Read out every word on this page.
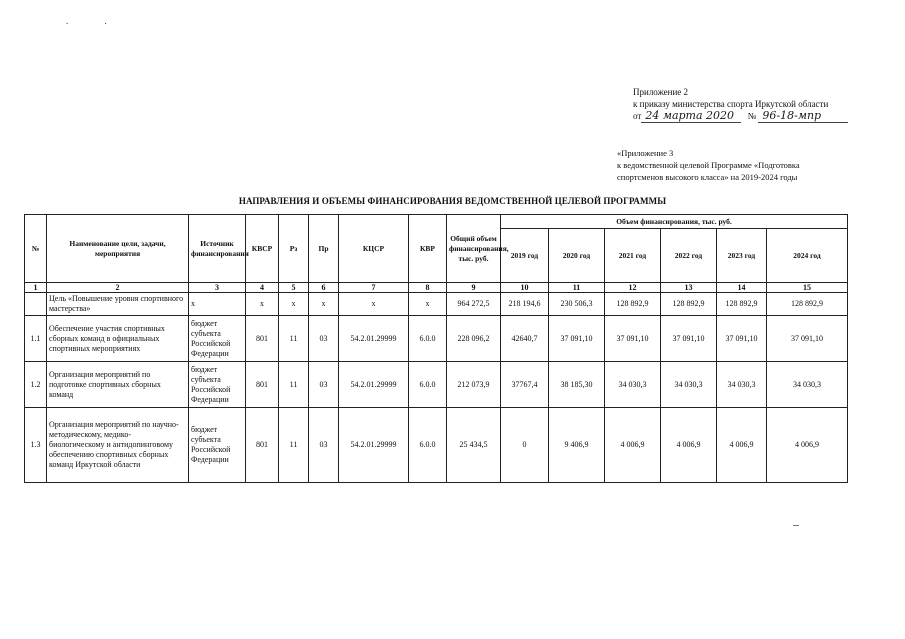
.	.
Приложение 2
к приказу министерства спорта Иркутской области
от 24 марта 2020 № 96-18-мпр
«Приложение 3
к ведомственной целевой Программе «Подготовка
спортсменов высокого класса» на 2019-2024 годы
НАПРАВЛЕНИЯ И ОБЪЕМЫ ФИНАНСИРОВАНИЯ ВЕДОМСТВЕННОЙ ЦЕЛЕВОЙ ПРОГРАММЫ
№	Наименование цели, задачи, мероприятия	Источник финансирования	КВСР	Рз	Пр	КЦСР	КВР	Общий объем финансирования, тыс. руб.	Объем финансирования, тыс. руб.					
									2019 год	2020 год	2021 год	2022 год	2023 год	2024 год
1	2	3	4	5	6	7	8	9	10	11	12	13	14	15
	Цель «Повышение уровня спортивного мастерства»	х	х	х	х	х	х	964 272,5	218 194,6	230 506,3	128 892,9	128 892,9	128 892,9	128 892,9
1.1	Обеспечение участия спортивных сборных команд в официальных спортивных мероприятиях	бюджет субъекта Российской Федерации	801	11	03	54.2.01.29999	6.0.0	228 096,2	42640,7	37 091,10	37 091,10	37 091,10	37 091,10	37 091,10
1.2	Организация мероприятий по подготовке спортивных сборных команд	бюджет субъекта Российской Федерации	801	11	03	54.2.01.29999	6.0.0	212 073,9	37767,4	38 185,30	34 030,3	34 030,3	34 030,3	34 030,3
1.3	Организация мероприятий по научно-методическому, медико-биологическому и антидопинговому обеспечению спортивных сборных команд Иркутской области	бюджет субъекта Российской Федерации	801	11	03	54.2.01.29999	6.0.0	25 434,5	0	9 406,9	4 006,9	4 006,9	4 006,9	4 006,9
